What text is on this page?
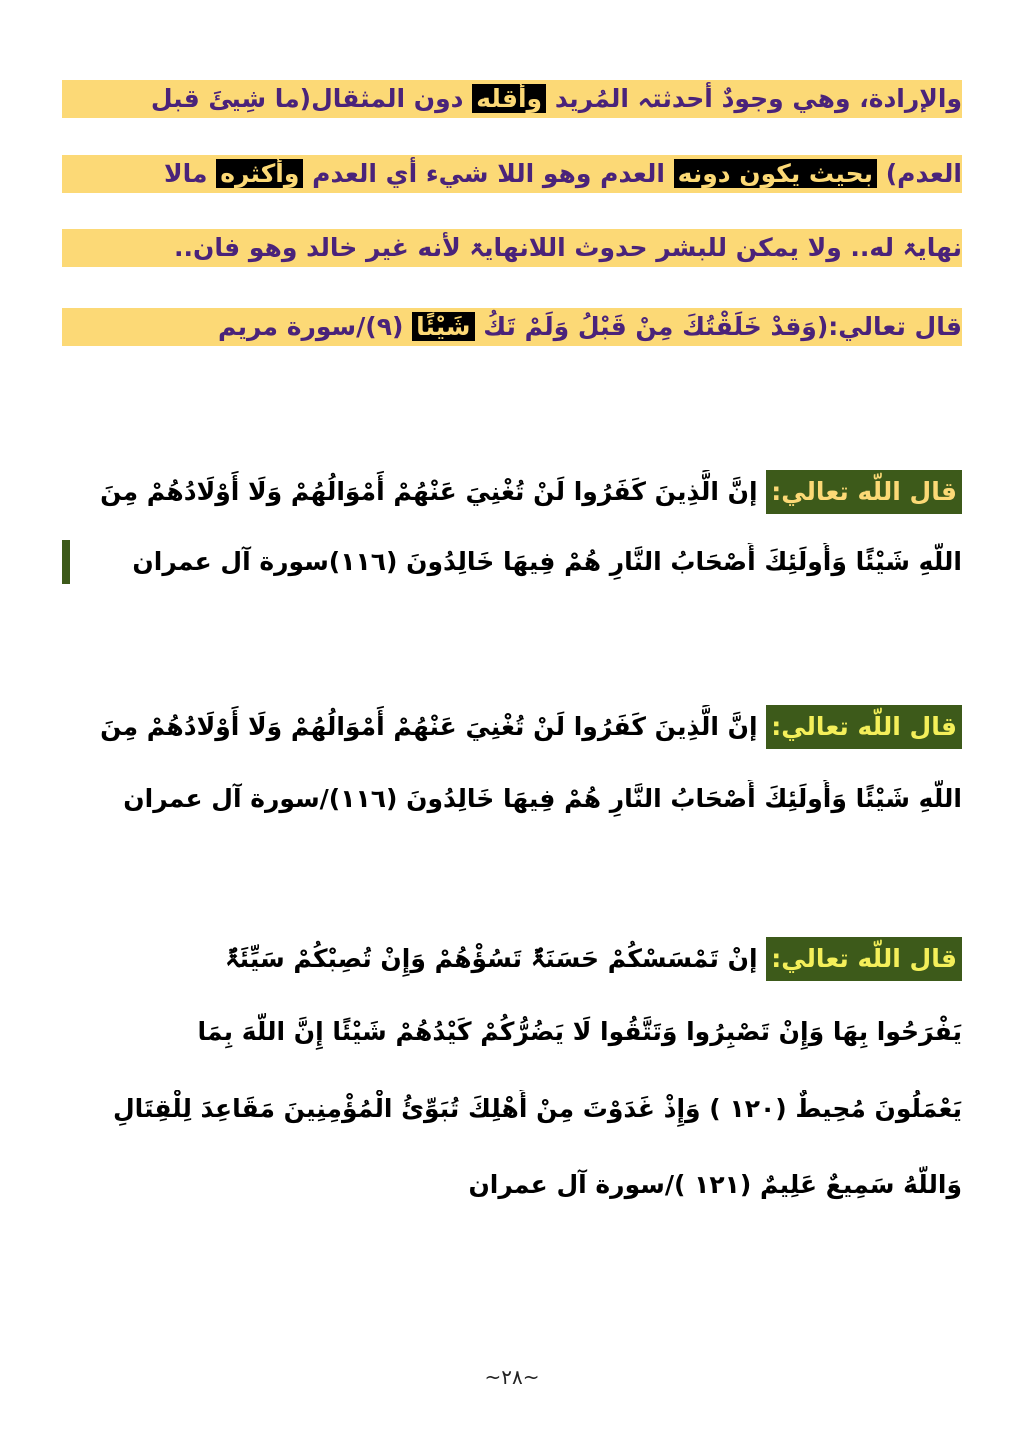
والإرادة، وهي وجودٌ أحدثتہ المُريد وأقله دون المثقال(ما شِيئَ قبل
العدم) بحيث يكون دونه العدم وهو اللا شيء أي العدم وأكثره مالا
نهايۃ له.. ولا يمكن للبشر حدوث اللانهايۃ لأنه غير خالد وهو فان..
قال تعالي:(وَقدْ خَلَقْتُكَ مِنْ قَبْلُ وَلَمْ تَكُ شَيْئًا (٩)/سورة مريم
قال اللّه تعالي: إنَّ الَّذِينَ كَفَرُوا لَنْ تُغْنِيَ عَنْهُمْ أَمْوَالُهُمْ وَلَا أَوْلَادُهُمْ مِنَ
اللَّهِ شَيْئًا وَأُولَئِكَ أَصْحَابُ النَّارِ هُمْ فِيهَا خَالِدُونَ (١١٦)سورة آل عمران
قال اللّه تعالي: إنَّ الَّذِينَ كَفَرُوا لَنْ تُغْنِيَ عَنْهُمْ أَمْوَالُهُمْ وَلَا أَوْلَادُهُمْ مِنَ
اللَّهِ شَيْئًا وَأُولَئِكَ أَصْحَابُ النَّارِ هُمْ فِيهَا خَالِدُونَ (١١٦)/سورة آل عمران
قال اللّه تعالي: إنْ تَمْسَسْكُمْ حَسَنَۃٌ تَسُؤْهُمْ وَإِنْ تُصِبْكُمْ سَيِّئَۃٌ
يَفْرَحُوا بِهَا وَإِنْ تَصْبِرُوا وَتَتَّقُوا لَا يَضُرُّكُمْ كَيْدُهُمْ شَيْئًا إِنَّ اللَّهَ بِمَا
يَعْمَلُونَ مُحِيطٌ (١٢٠ ) وَإِذْ غَدَوْتَ مِنْ أَهْلِكَ تُبَوِّئُ الْمُؤْمِنِينَ مَقَاعِدَ لِلْقِتَالِ
وَاللَّهُ سَمِيعٌ عَلِيمٌ (١٢١ )/سورة آل عمران
~٢٨~
